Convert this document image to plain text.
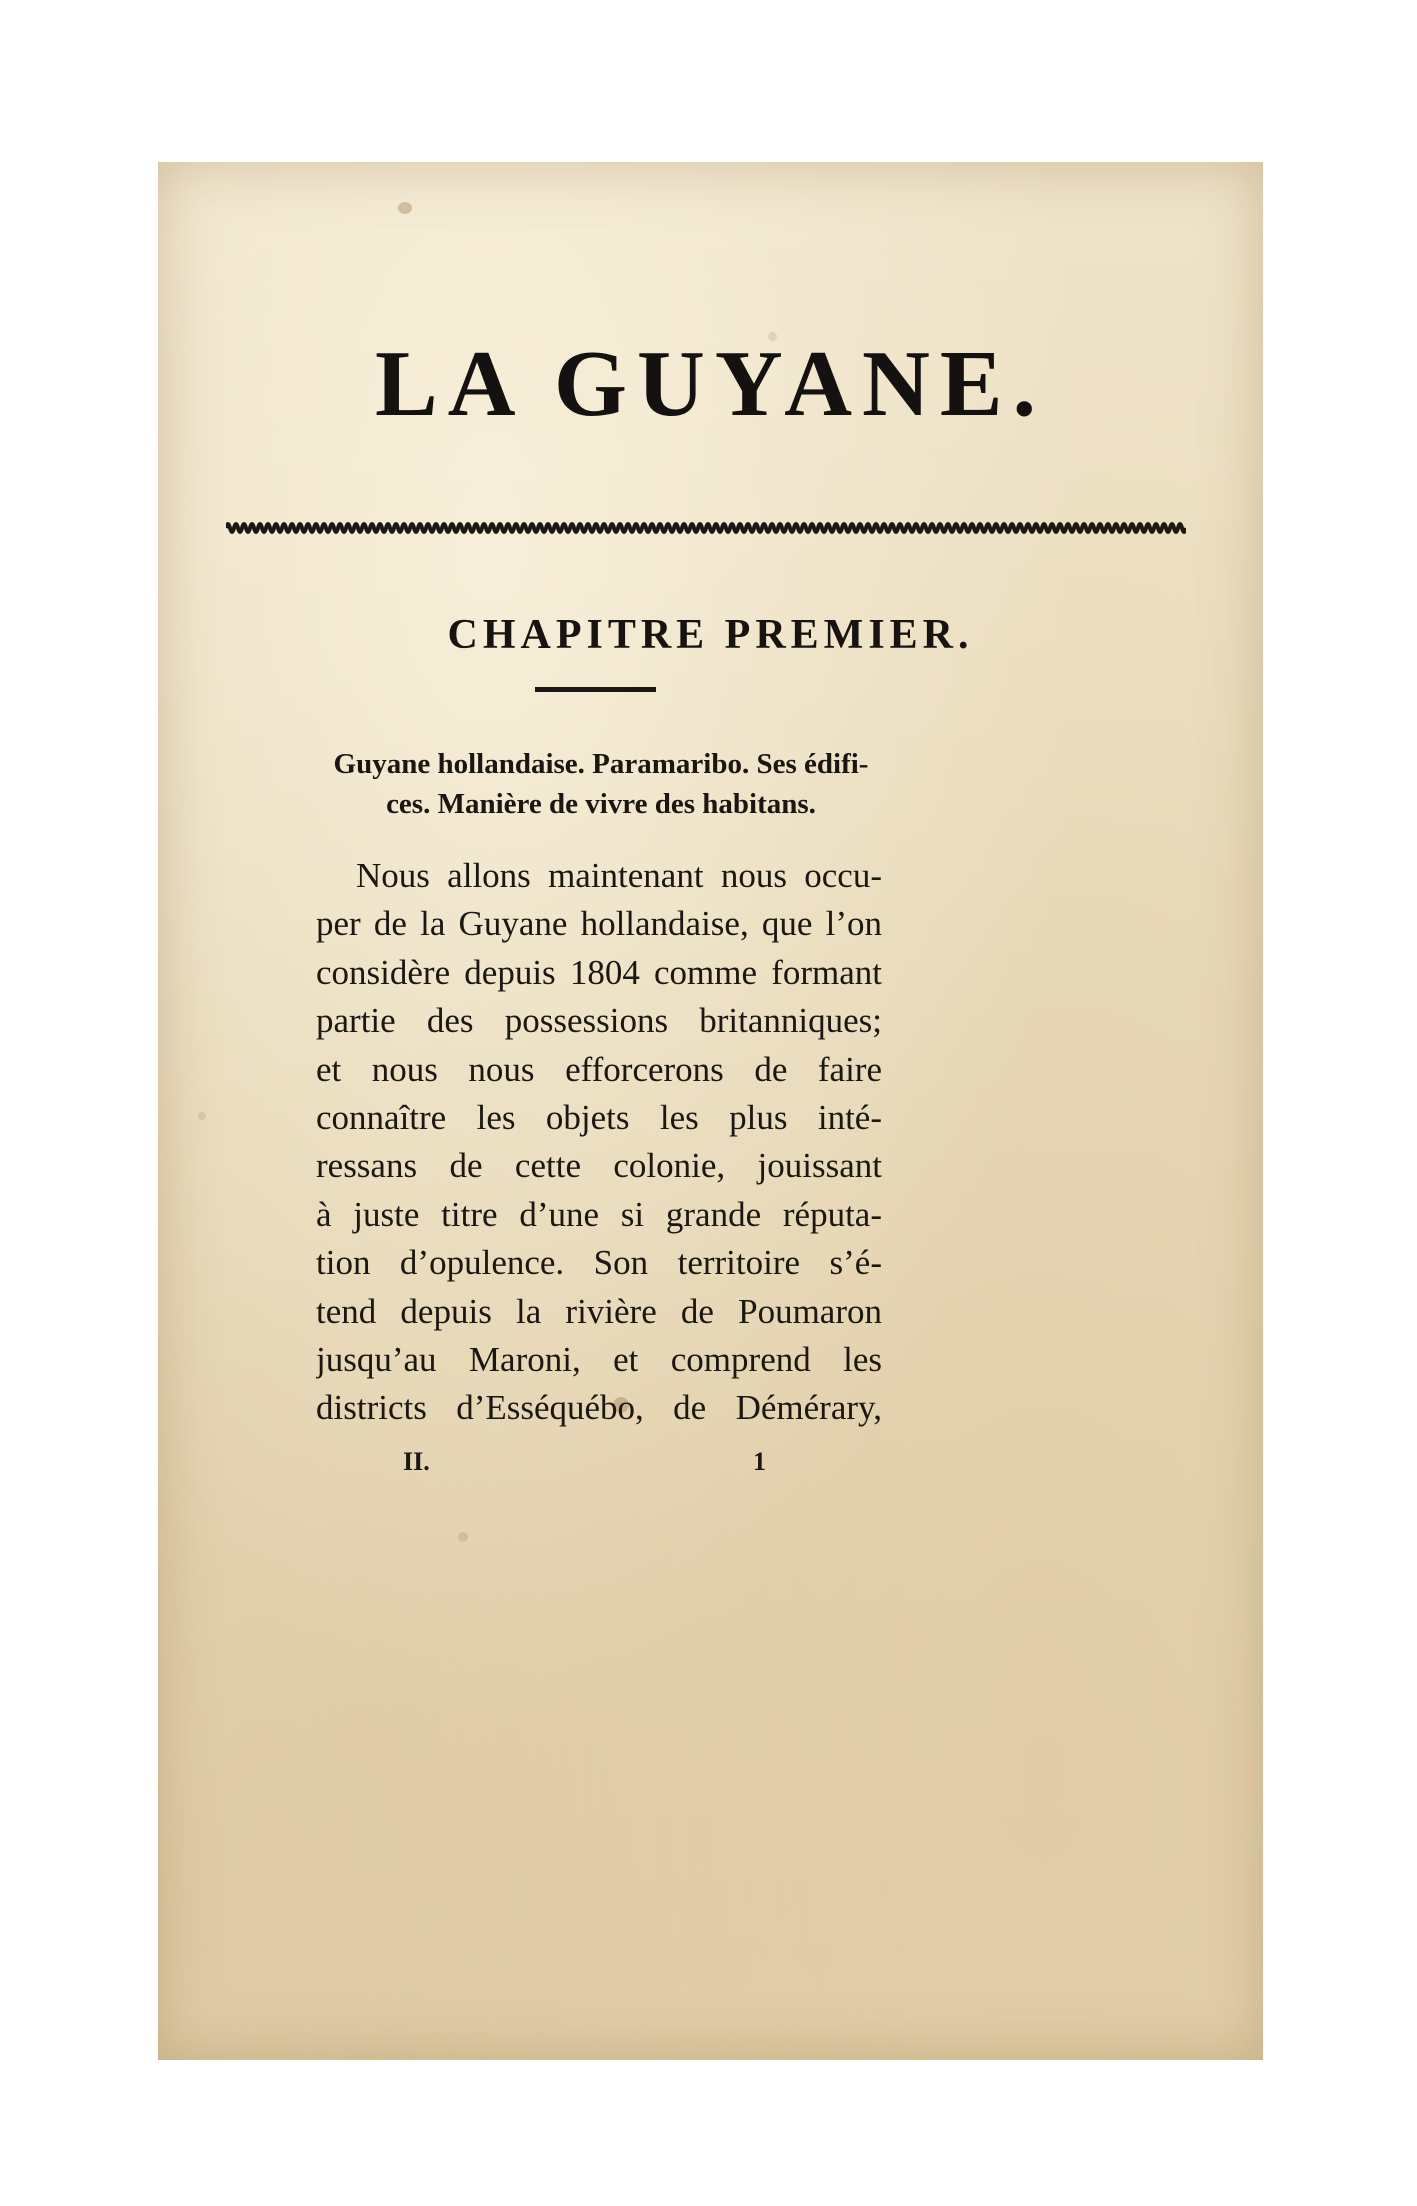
LA GUYANE.
CHAPITRE PREMIER.
Guyane hollandaise. Paramaribo. Ses édifi-
ces. Manière de vivre des habitans.
Nous allons maintenant nous occu-
per de la Guyane hollandaise, que l’on
considère depuis 1804 comme formant
partie des possessions britanniques;
et nous nous efforcerons de faire
connaître les objets les plus inté-
ressans de cette colonie, jouissant
à juste titre d’une si grande réputa-
tion d’opulence. Son territoire s’é-
tend depuis la rivière de Poumaron
jusqu’au Maroni, et comprend les
districts d’Esséquébo, de Démérary,
II.	1
